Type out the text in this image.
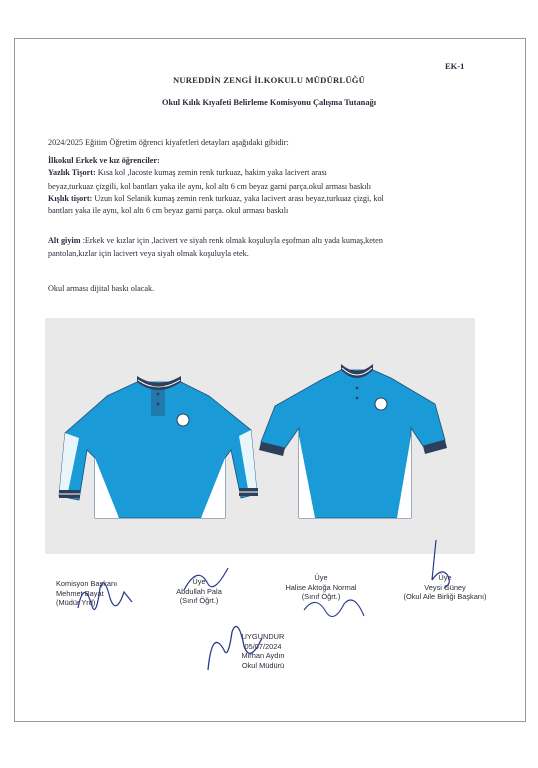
EK-1
NUREDDİN ZENGİ İLKOKULU MÜDÜRLÜĞÜ
Okul Kılık Kıyafeti Belirleme Komisyonu Çalışma Tutanağı
2024/2025 Eğitim Öğretim öğrenci kiyafetleri detayları aşağıdaki gibidir:
İlkokul Erkek ve kız öğrenciler:
Yazlık Tişort: Kısa kol ,lacoste kumaş zemin renk turkuaz, hakim yaka lacivert arası
beyaz,turkuaz çizgili, kol bantları yaka ile aynı, kol altı 6 cm beyaz garni parça.okul arması baskılı
Kışlık tişort: Uzun kol Selanik kumaş zemin renk turkuaz, yaka lacivert arası beyaz,turkuaz çizgi, kol
bantları yaka ile aynı, kol altı 6 cm beyaz garni parça. okul arması baskılı
Alt giyim :Erkek ve kızlar için ,lacivert ve siyah renk olmak koşuluyla eşofman altı yada kumaş,keten
pantolan,kızlar için lacivert veya siyah olmak koşuluyla etek.
Okul arması dijital baskı olacak.
Komisyon Başkanı
Mehmet Bayat
(Müdür Yrd)
Üye
Abdullah Pala
(Sınıf Öğrt.)
Üye
Halise Aktoğa Normal
(Sınıf Öğrt.)
Üye
Veysi Güney
(Okul Aile Birliği Başkanı)
UYGUNDUR
05/07/2024
Mirhan Aydın
Okul Müdürü
